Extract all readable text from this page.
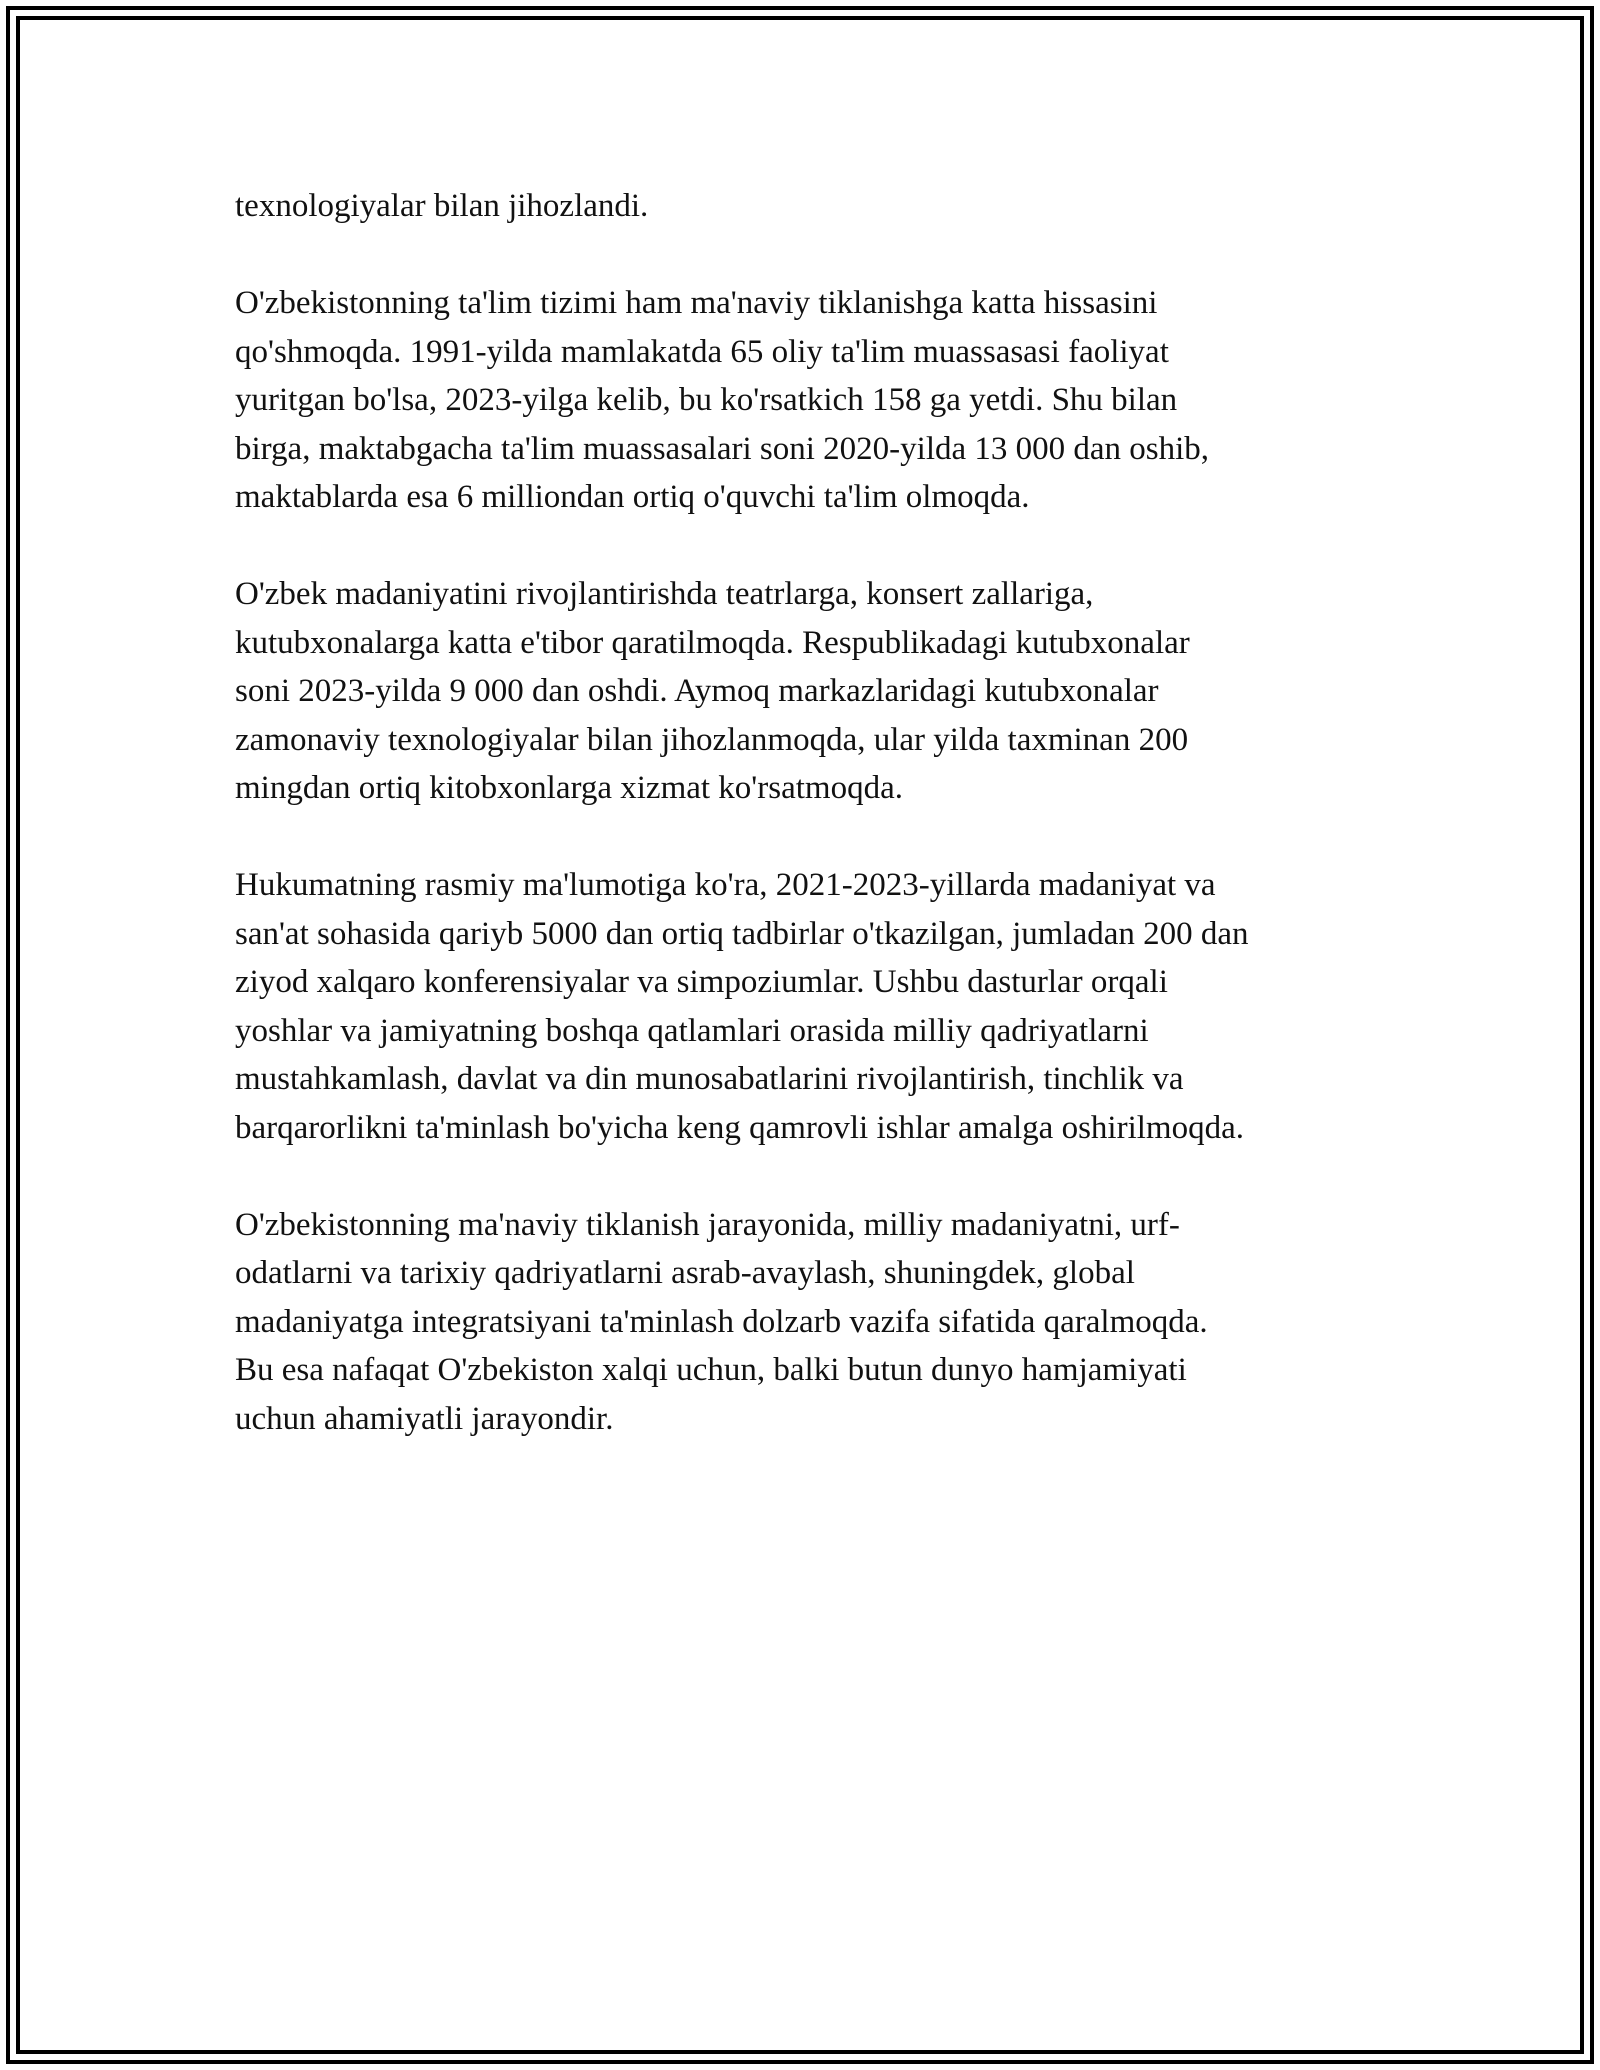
texnologiyalar bilan jihozlandi.

O'zbekistonning ta'lim tizimi ham ma'naviy tiklanishga katta hissasini
qo'shmoqda. 1991-yilda mamlakatda 65 oliy ta'lim muassasasi faoliyat
yuritgan bo'lsa, 2023-yilga kelib, bu ko'rsatkich 158 ga yetdi. Shu bilan
birga, maktabgacha ta'lim muassasalari soni 2020-yilda 13 000 dan oshib,
maktablarda esa 6 milliondan ortiq o'quvchi ta'lim olmoqda.

O'zbek madaniyatini rivojlantirishda teatrlarga, konsert zallariga,
kutubxonalarga katta e'tibor qaratilmoqda. Respublikadagi kutubxonalar
soni 2023-yilda 9 000 dan oshdi. Aymoq markazlaridagi kutubxonalar
zamonaviy texnologiyalar bilan jihozlanmoqda, ular yilda taxminan 200
mingdan ortiq kitobxonlarga xizmat ko'rsatmoqda.

Hukumatning rasmiy ma'lumotiga ko'ra, 2021-2023-yillarda madaniyat va
san'at sohasida qariyb 5000 dan ortiq tadbirlar o'tkazilgan, jumladan 200 dan
ziyod xalqaro konferensiyalar va simpoziumlar. Ushbu dasturlar orqali
yoshlar va jamiyatning boshqa qatlamlari orasida milliy qadriyatlarni
mustahkamlash, davlat va din munosabatlarini rivojlantirish, tinchlik va
barqarorlikni ta'minlash bo'yicha keng qamrovli ishlar amalga oshirilmoqda.

O'zbekistonning ma'naviy tiklanish jarayonida, milliy madaniyatni, urf-
odatlarni va tarixiy qadriyatlarni asrab-avaylash, shuningdek, global
madaniyatga integratsiyani ta'minlash dolzarb vazifa sifatida qaralmoqda.
Bu esa nafaqat O'zbekiston xalqi uchun, balki butun dunyo hamjamiyati
uchun ahamiyatli jarayondir.
